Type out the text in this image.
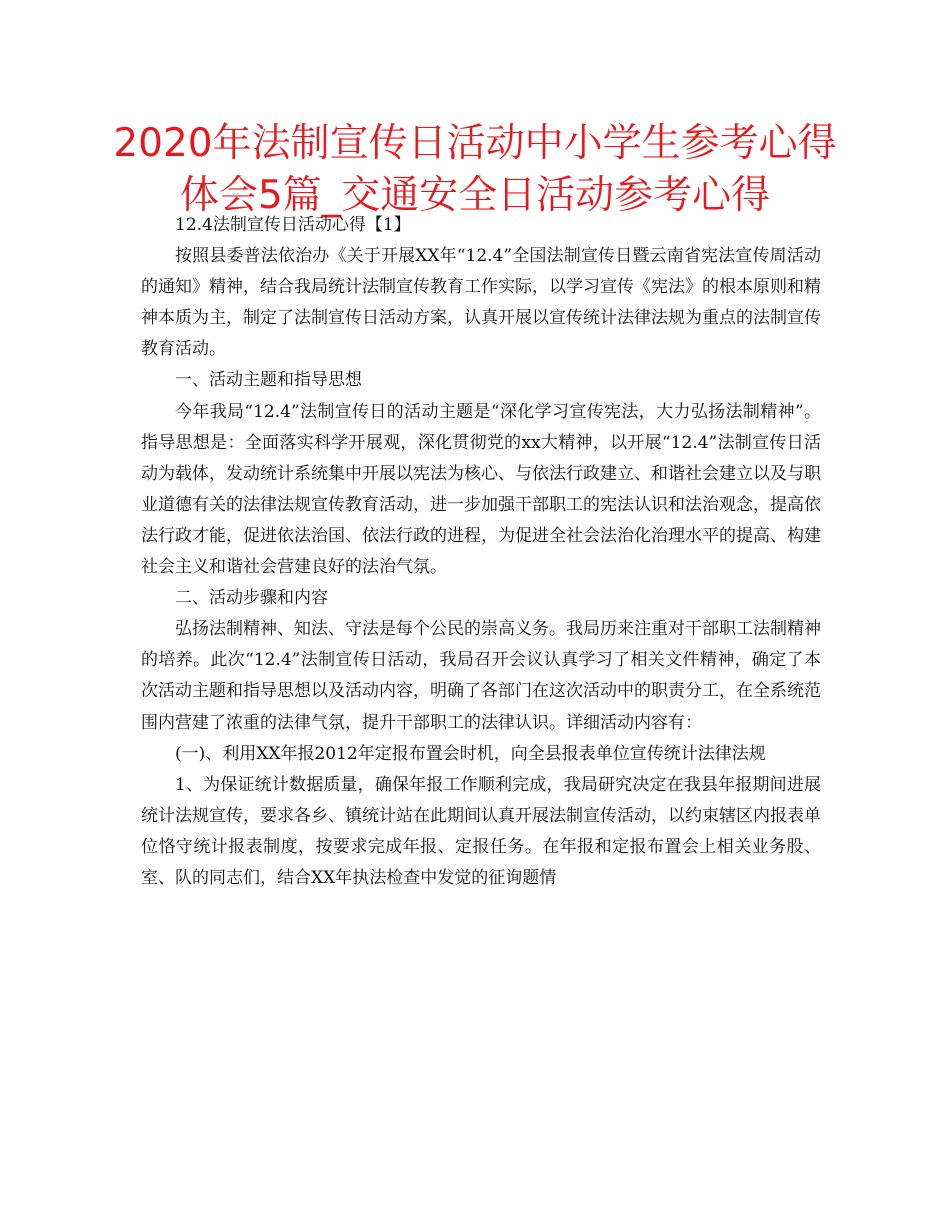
2020年法制宣传日活动中小学生参考心得体会5篇_交通安全日活动参考心得

12.4法制宣传日活动心得【1】

按照县委普法依治办《关于开展XX年“12.4”全国法制宣传日暨云南省宪法宣传周活动的通知》精神，结合我局统计法制宣传教育工作实际，以学习宣传《宪法》的根本原则和精神本质为主，制定了法制宣传日活动方案，认真开展以宣传统计法律法规为重点的法制宣传教育活动。

一、活动主题和指导思想

今年我局“12.4”法制宣传日的活动主题是“深化学习宣传宪法，大力弘扬法制精神”。指导思想是：全面落实科学开展观，深化贯彻党的xx大精神，以开展“12.4”法制宣传日活动为载体，发动统计系统集中开展以宪法为核心、与依法行政建立、和谐社会建立以及与职业道德有关的法律法规宣传教育活动，进一步加强干部职工的宪法认识和法治观念，提高依法行政才能，促进依法治国、依法行政的进程，为促进全社会法治化治理水平的提高、构建社会主义和谐社会营建良好的法治气氛。

二、活动步骤和内容

弘扬法制精神、知法、守法是每个公民的崇高义务。我局历来注重对干部职工法制精神的培养。此次“12.4”法制宣传日活动，我局召开会议认真学习了相关文件精神，确定了本次活动主题和指导思想以及活动内容，明确了各部门在这次活动中的职责分工，在全系统范围内营建了浓重的法律气氛，提升干部职工的法律认识。详细活动内容有：

(一)、利用XX年报2012年定报布置会时机，向全县报表单位宣传统计法律法规

1、为保证统计数据质量，确保年报工作顺利完成，我局研究决定在我县年报期间进展统计法规宣传，要求各乡、镇统计站在此期间认真开展法制宣传活动，以约束辖区内报表单位恪守统计报表制度，按要求完成年报、定报任务。在年报和定报布置会上相关业务股、室、队的同志们，结合XX年执法检查中发觉的征询题情
